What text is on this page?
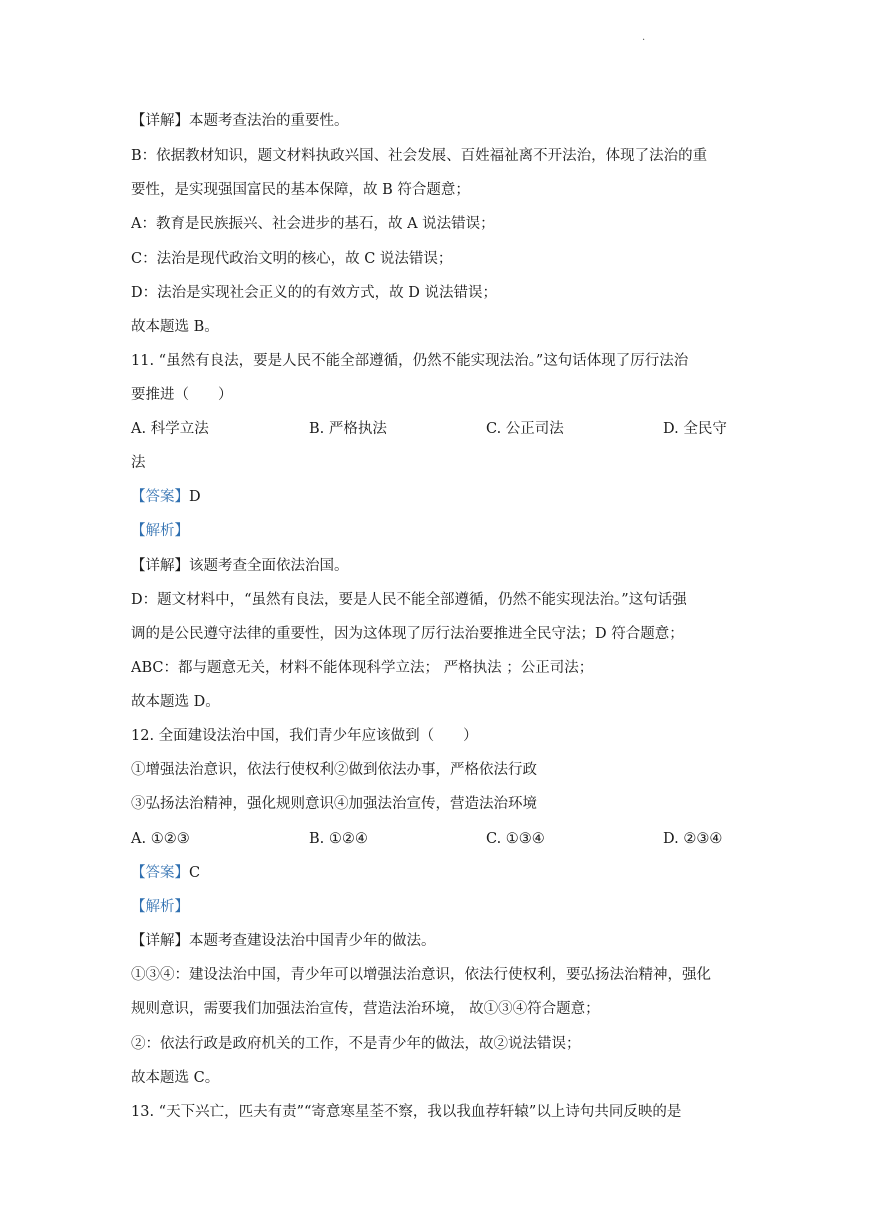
.
【详解】本题考查法治的重要性。
B：依据教材知识，题文材料执政兴国、社会发展、百姓福祉离不开法治，体现了法治的重
要性，是实现强国富民的基本保障，故 B 符合题意；
A：教育是民族振兴、社会进步的基石，故 A 说法错误；
C：法治是现代政治文明的核心，故 C 说法错误；
D：法治是实现社会正义的的有效方式，故 D 说法错误；
故本题选 B。
11. “虽然有良法，要是人民不能全部遵循，仍然不能实现法治。”这句话体现了厉行法治
要推进（　　）
A. 科学立法	B. 严格执法	C. 公正司法	D. 全民守
法
【答案】D
【解析】
【详解】该题考查全面依法治国。
D：题文材料中，“虽然有良法，要是人民不能全部遵循，仍然不能实现法治。”这句话强
调的是公民遵守法律的重要性，因为这体现了厉行法治要推进全民守法；D 符合题意；
ABC：都与题意无关，材料不能体现科学立法； 严格执法 ；公正司法；
故本题选 D。
12. 全面建设法治中国，我们青少年应该做到（　　）
①增强法治意识，依法行使权利②做到依法办事，严格依法行政
③弘扬法治精神，强化规则意识④加强法治宣传，营造法治环境
A. ①②③	B. ①②④	C. ①③④	D. ②③④
【答案】C
【解析】
【详解】本题考查建设法治中国青少年的做法。
①③④：建设法治中国，青少年可以增强法治意识，依法行使权利，要弘扬法治精神，强化
规则意识，需要我们加强法治宣传，营造法治环境， 故①③④符合题意；
②：依法行政是政府机关的工作，不是青少年的做法，故②说法错误；
故本题选 C。
13. “天下兴亡，匹夫有责”“寄意寒星荃不察，我以我血荐轩辕”以上诗句共同反映的是
